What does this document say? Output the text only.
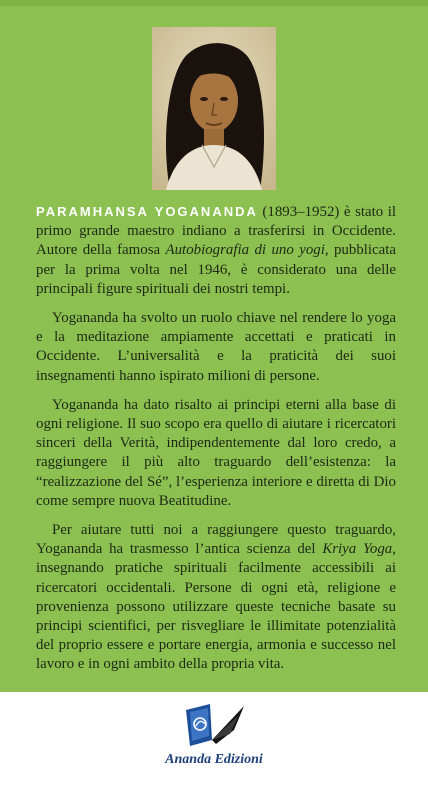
PARAMHANSA YOGANANDA (1893–1952) è stato il primo grande maestro indiano a trasferirsi in Occidente. Autore della famosa Autobiografia di uno yogi, pubblicata per la prima volta nel 1946, è considerato una delle principali figure spirituali dei nostri tempi.

Yogananda ha svolto un ruolo chiave nel rendere lo yoga e la meditazione ampiamente accettati e praticati in Occidente. L’universalità e la praticità dei suoi insegnamenti hanno ispirato milioni di persone.

Yogananda ha dato risalto ai principi eterni alla base di ogni religione. Il suo scopo era quello di aiutare i ricercatori sinceri della Verità, indipendentemente dal loro credo, a raggiungere il più alto traguardo dell’esistenza: la “realizzazione del Sé”, l’esperienza interiore e diretta di Dio come sempre nuova Beatitudine.

Per aiutare tutti noi a raggiungere questo traguardo, Yogananda ha trasmesso l’antica scienza del Kriya Yoga, insegnando pratiche spirituali facilmente accessibili ai ricercatori occidentali. Persone di ogni età, religione e provenienza possono utilizzare queste tecniche basate su principi scientifici, per risvegliare le illimitate potenzialità del proprio essere e portare energia, armonia e successo nel lavoro e in ogni ambito della propria vita.

Ananda Edizioni
